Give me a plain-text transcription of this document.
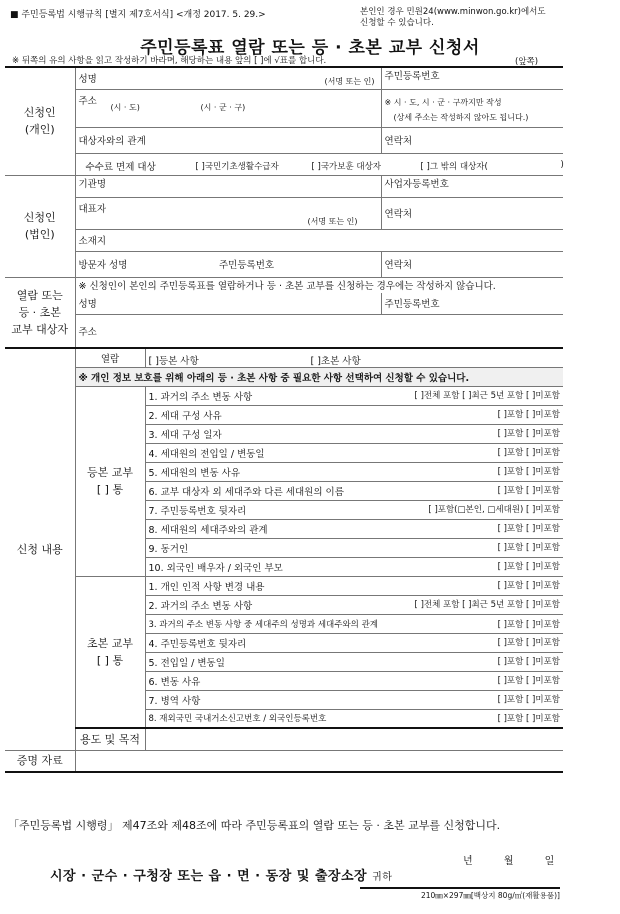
■ 주민등록법 시행규칙 [별지 제7호서식] <개정 2017. 5. 29.>	본인인 경우 민원24(www.minwon.go.kr)에서도
신청할 수 있습니다.
주민등록표 열람 또는 등 · 초본 교부 신청서
※ 뒤쪽의 유의 사항을 읽고 작성하기 바라며, 해당하는 내용 앞의 [ ]에 √표를 합니다.	(앞쪽)
신청인
(개인)	성명 (서명 또는 인)		주민등록번호

	주소
(시 · 도) (시 · 군 · 구)		※ 시 · 도, 시 · 군 · 구까지만 작성
(상세 주소는 작성하지 않아도 됩니다.)

	대상자와의 관계		연락처

	수수료 면제 대상 [ ]국민기초생활수급자 [ ]국가보훈 대상자 [ ]그 밖의 대상자( )		

신청인
(법인)	기관명		사업자등록번호

	대표자
(서명 또는 인)		연락처
	소재지		
	방문자 성명	주민등록번호	연락처
열람 또는
등 · 초본
교부 대상자	※ 신청인이 본인의 주민등록표를 열람하거나 등 · 초본 교부를 신청하는 경우에는 작성하지 않습니다.		
	성명		주민등록번호
	주소		
신청 내용	열람	[ ]등본 사항 [ ]초본 사항	

	※ 개인 정보 보호를 위해 아래의 등 · 초본 사항 중 필요한 사항 선택하여 신청할 수 있습니다.		
	등본 교부
[ ] 통	1. 과거의 주소 변동 사항 [ ]전체 포함 [ ]최근 5년 포함 [ ]미포함	

		2. 세대 구성 사유 [ ]포함 [ ]미포함	

		3. 세대 구성 일자 [ ]포함 [ ]미포함	

		4. 세대원의 전입일 / 변동일 [ ]포함 [ ]미포함	

		5. 세대원의 변동 사유 [ ]포함 [ ]미포함	

		6. 교부 대상자 외 세대주와 다른 세대원의 이름 [ ]포함 [ ]미포함	

		7. 주민등록번호 뒷자리 [ ]포함(□본인, □세대원) [ ]미포함	

		8. 세대원의 세대주와의 관계 [ ]포함 [ ]미포함	

		9. 동거인 [ ]포함 [ ]미포함	

		10. 외국인 배우자 / 외국인 부모 [ ]포함 [ ]미포함	

	초본 교부
[ ] 통	1. 개인 인적 사항 변경 내용 [ ]포함 [ ]미포함	

		2. 과거의 주소 변동 사항 [ ]전체 포함 [ ]최근 5년 포함 [ ]미포함	

		3. 과거의 주소 변동 사항 중 세대주의 성명과 세대주와의 관계 [ ]포함 [ ]미포함	

		4. 주민등록번호 뒷자리 [ ]포함 [ ]미포함	

		5. 전입일 / 변동일 [ ]포함 [ ]미포함	

		6. 변동 사유 [ ]포함 [ ]미포함	

		7. 병역 사항 [ ]포함 [ ]미포함	

		8. 재외국민 국내거소신고번호 / 외국인등록번호 [ ]포함 [ ]미포함	

	용도 및 목적		
증명 자료			
「주민등록법 시행령」 제47조와 제48조에 따라 주민등록표의 열람 또는 등 · 초본 교부를 신청합니다.
년 월 일
시장 · 군수 · 구청장 또는 읍 · 면 · 동장 및 출장소장 귀하
210㎜×297㎜[백상지 80g/㎡(재활용품)]
